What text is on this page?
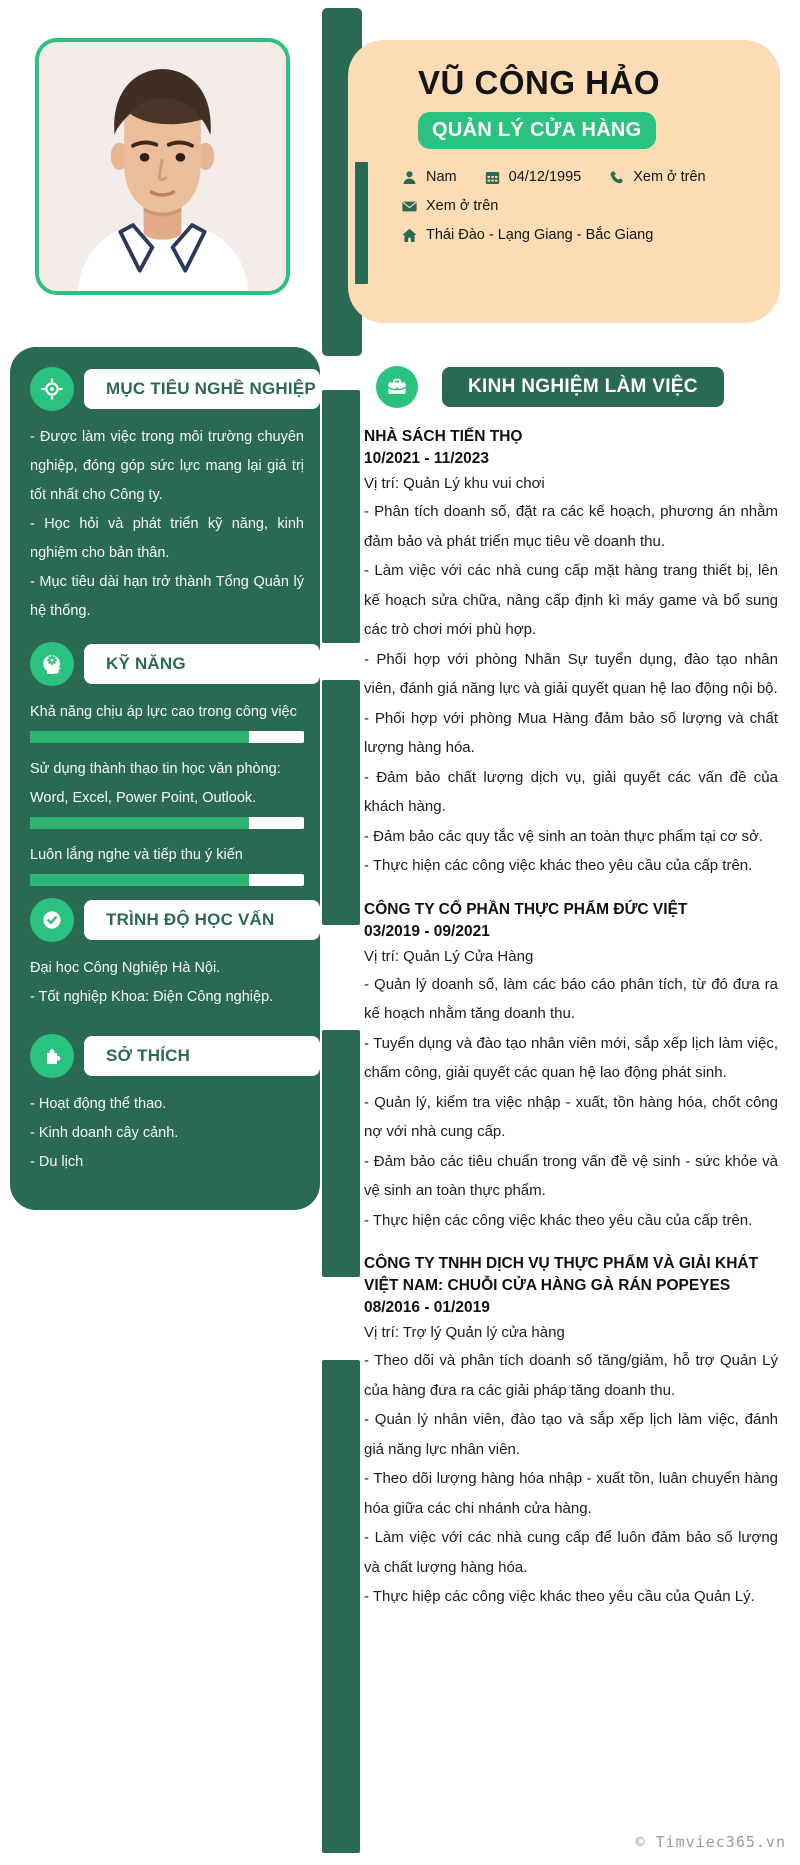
VŨ CÔNG HẢO
QUẢN LÝ CỬA HÀNG
Nam	04/12/1995	Xem ở trên
Xem ở trên
Thái Đào - Lạng Giang - Bắc Giang
MỤC TIÊU NGHỀ NGHIỆP

- Được làm việc trong môi trường chuyên nghiệp, đóng góp sức lực mang lại giá trị tốt nhất cho Công ty.

- Học hỏi và phát triển kỹ năng, kinh nghiệm cho bản thân.

- Mục tiêu dài hạn trở thành Tổng Quản lý hệ thống.

KỸ NĂNG

Khả năng chịu áp lực cao trong công việc

Sử dụng thành thạo tin học văn phòng: Word, Excel, Power Point, Outlook.

Luôn lắng nghe và tiếp thu ý kiến

TRÌNH ĐỘ HỌC VẤN

Đại học Công Nghiệp Hà Nội.

- Tốt nghiệp Khoa: Điện Công nghiệp.

SỞ THÍCH

- Hoạt động thể thao.

- Kinh doanh cây cảnh.

- Du lịch

KINH NGHIỆM LÀM VIỆC
NHÀ SÁCH TIẾN THỌ

10/2021 - 11/2023

Vị trí: Quản Lý khu vui chơi

- Phân tích doanh số, đặt ra các kế hoạch, phương án nhằm đảm bảo và phát triển mục tiêu về doanh thu.

- Làm việc với các nhà cung cấp mặt hàng trang thiết bị, lên kế hoạch sửa chữa, nâng cấp định kì máy game và bổ sung các trò chơi mới phù hợp.

- Phối hợp với phòng Nhân Sự tuyển dụng, đào tạo nhân viên, đánh giá năng lực và giải quyết quan hệ lao động nội bộ.

- Phối hợp với phòng Mua Hàng đảm bảo số lượng và chất lượng hàng hóa.

- Đảm bảo chất lượng dịch vụ, giải quyết các vấn đề của khách hàng.

- Đảm bảo các quy tắc vệ sinh an toàn thực phẩm tại cơ sở.

- Thực hiện các công việc khác theo yêu cầu của cấp trên.

CÔNG TY CỔ PHẦN THỰC PHẨM ĐỨC VIỆT

03/2019 - 09/2021

Vị trí: Quản Lý Cửa Hàng

- Quản lý doanh số, làm các báo cáo phân tích, từ đó đưa ra kế hoạch nhằm tăng doanh thu.

- Tuyển dụng và đào tạo nhân viên mới, sắp xếp lịch làm việc, chấm công, giải quyết các quan hệ lao động phát sinh.

- Quản lý, kiểm tra việc nhập - xuất, tồn hàng hóa, chốt công nợ với nhà cung cấp.

- Đảm bảo các tiêu chuẩn trong vấn đề vệ sinh - sức khỏe và vệ sinh an toàn thực phẩm.

- Thực hiện các công việc khác theo yêu cầu của cấp trên.

CÔNG TY TNHH DỊCH VỤ THỰC PHẨM VÀ GIẢI KHÁT VIỆT NAM: CHUỖI CỬA HÀNG GÀ RÁN POPEYES

08/2016 - 01/2019

Vị trí: Trợ lý Quản lý cửa hàng

- Theo dõi và phân tích doanh số tăng/giảm, hỗ trợ Quản Lý của hàng đưa ra các giải pháp tăng doanh thu.

- Quản lý nhân viên, đào tạo và sắp xếp lịch làm việc, đánh giá năng lực nhân viên.

- Theo dõi lượng hàng hóa nhập - xuất tồn, luân chuyển hàng hóa giữa các chi nhánh cửa hàng.

- Làm việc với các nhà cung cấp để luôn đảm bảo số lượng và chất lượng hàng hóa.

- Thực hiệp các công việc khác theo yêu cầu của Quản Lý.

© Timviec365.vn
